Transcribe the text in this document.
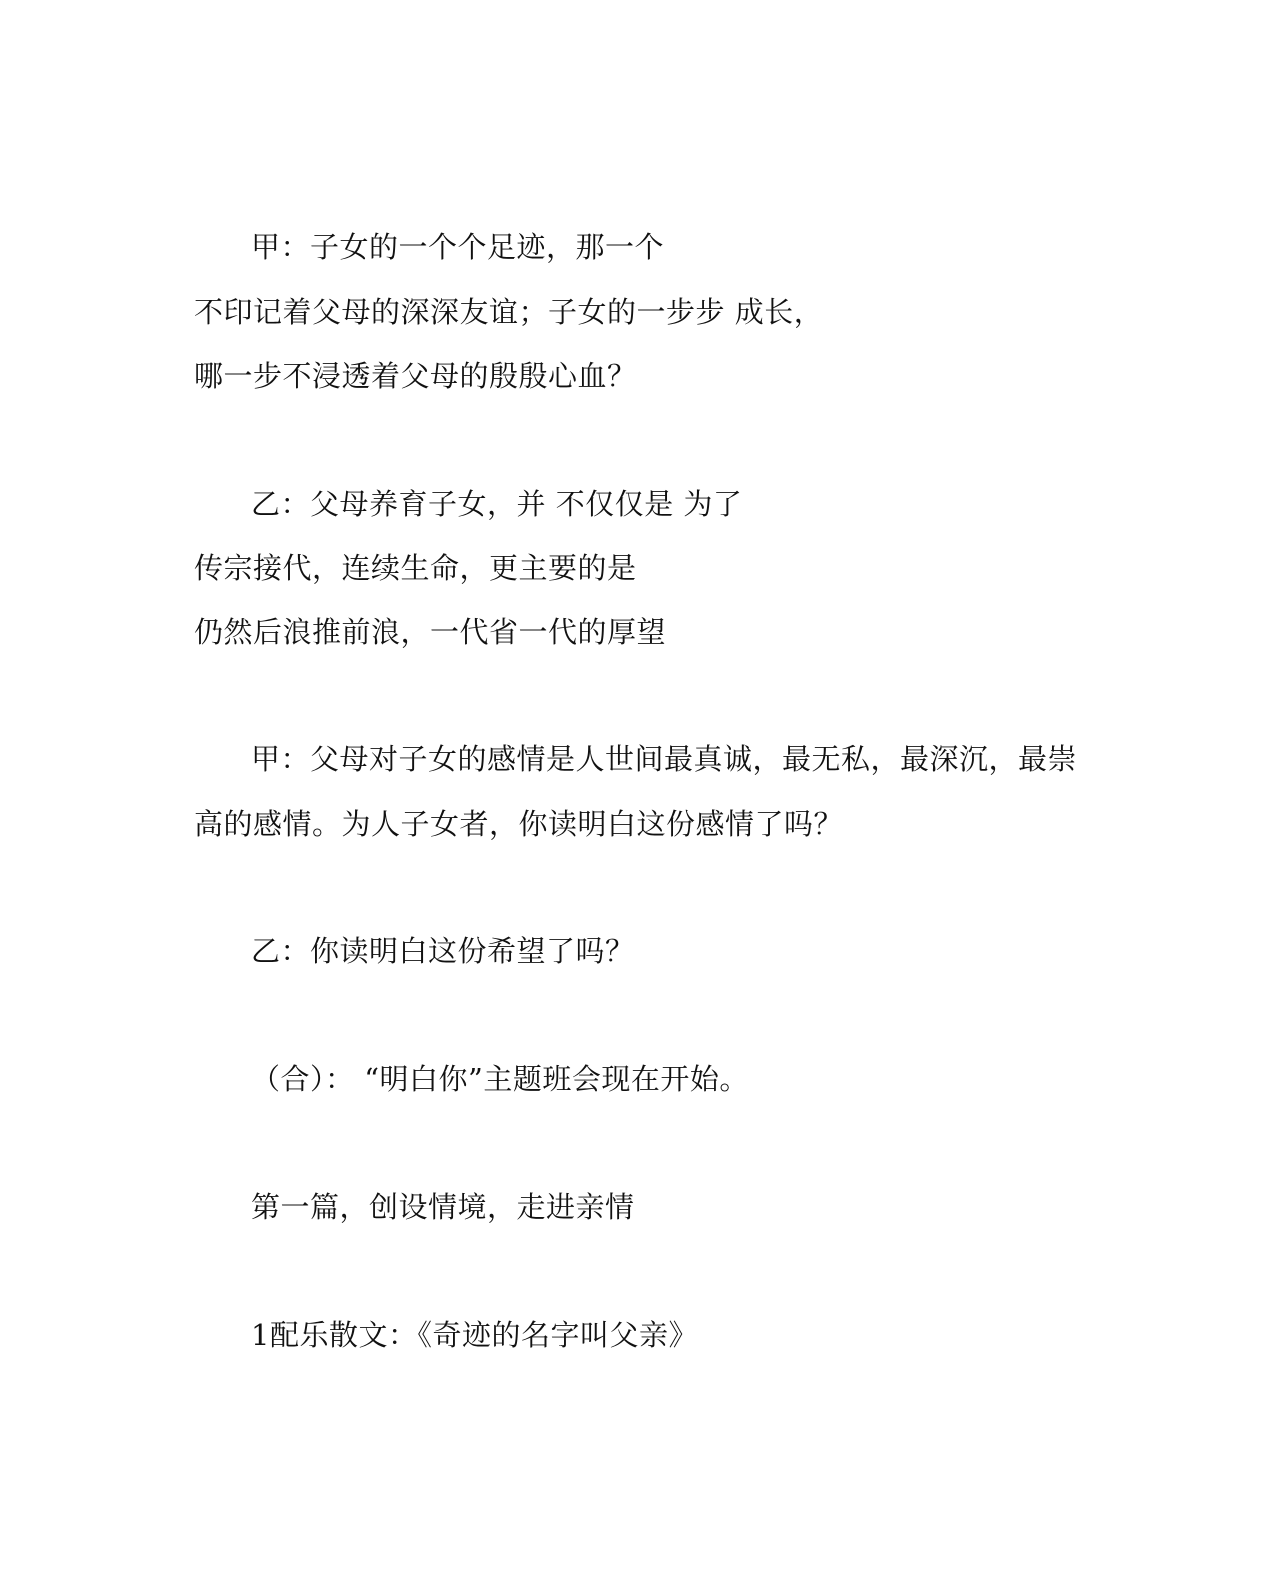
甲：子女的一个个足迹，那一个
不印记着父母的深深友谊；子女的一步步 成长，
哪一步不浸透着父母的殷殷心血？
乙：父母养育子女，并 不仅仅是 为了
传宗接代，连续生命，更主要的是
仍然后浪推前浪，一代省一代的厚望
甲：父母对子女的感情是人世间最真诚，最无私，最深沉，最崇
高的感情。为人子女者，你读明白这份感情了吗？
乙：你读明白这份希望了吗？
（合）： “明白你”主题班会现在开始。
第一篇，创设情境，走进亲情
1配乐散文：《奇迹的名字叫父亲》
